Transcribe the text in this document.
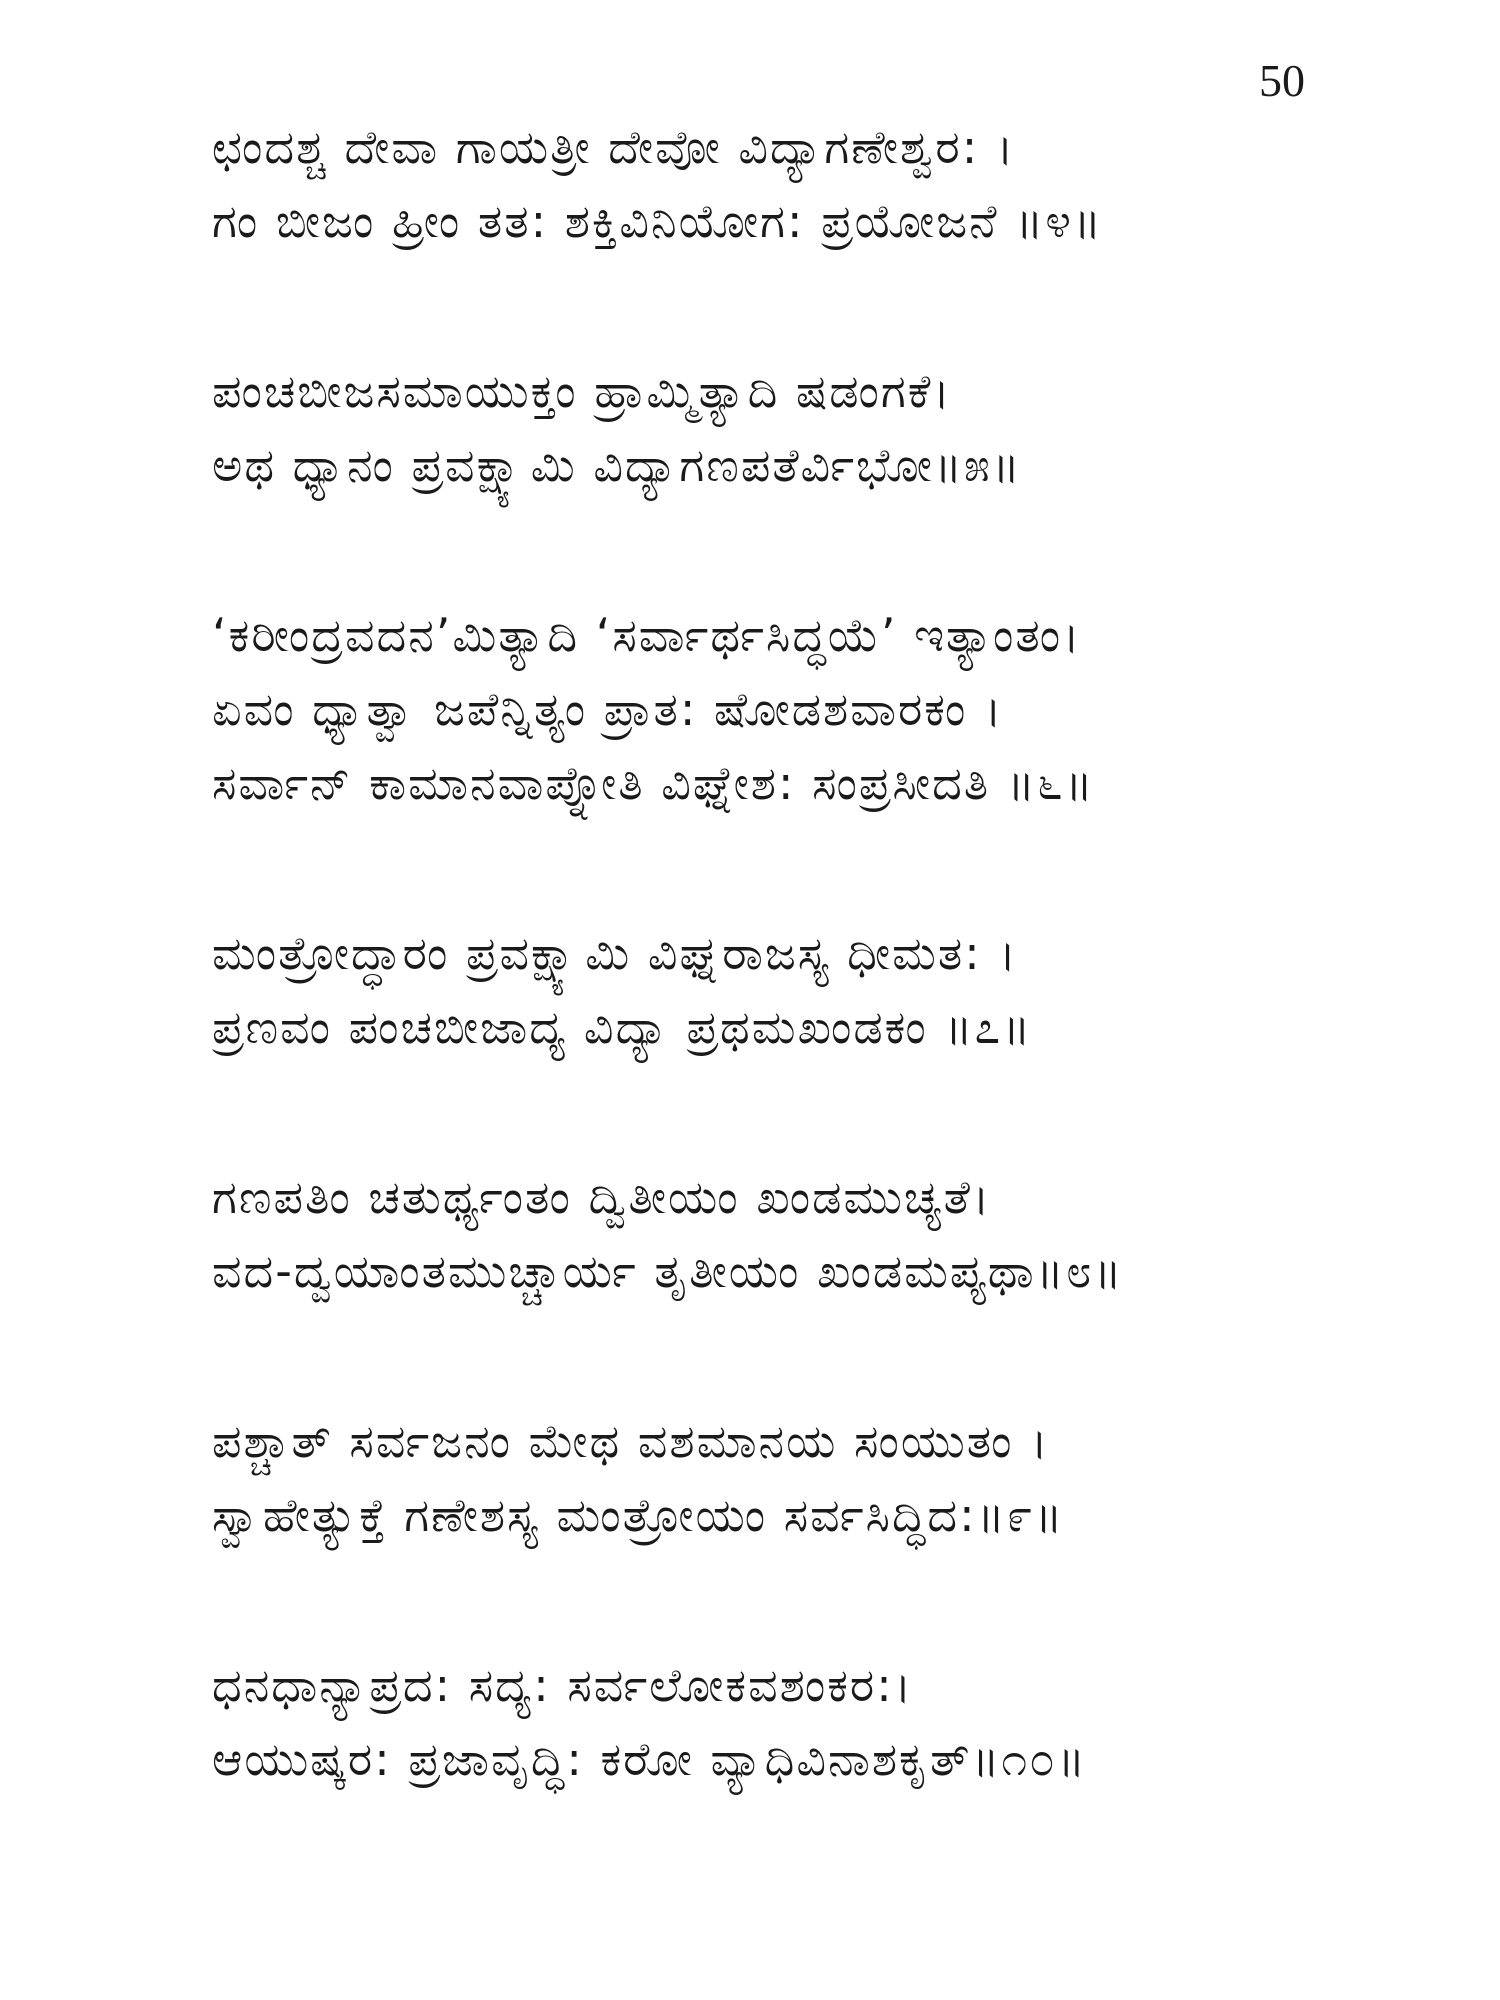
50
ಛಂದಶ್ಚ ದೇವಾ ಗಾಯತ್ರೀ ದೇವೋ ವಿದ್ಯಾಗಣೇಶ್ವರ: ।
ಗಂ ಬೀಜಂ ಹ್ರೀಂ ತತ: ಶಕ್ತಿವಿನಿಯೋಗ: ಪ್ರಯೋಜನೆ ॥೪॥
ಪಂಚಬೀಜಸಮಾಯುಕ್ತಂ ಹ್ರಾಮ್ಮಿತ್ಯಾದಿ ಷಡಂಗಕೆ।
ಅಥ ಧ್ಯಾನಂ ಪ್ರವಕ್ಷ್ಯಾಮಿ ವಿದ್ಯಾಗಣಪತೆರ್ವಿಭೋ॥೫॥
‘ಕರೀಂದ್ರವದನ’ಮಿತ್ಯಾದಿ ‘ಸರ್ವಾರ್ಥಸಿದ್ಧಯೆ’ ಇತ್ಯಾಂತಂ।
ಏವಂ ಧ್ಯಾತ್ವಾ ಜಪೆನ್ನಿತ್ಯಂ ಪ್ರಾತ: ಷೋಡಶವಾರಕಂ ।
ಸರ್ವಾನ್ ಕಾಮಾನವಾಪ್ನೋತಿ ವಿಘ್ನೇಶ: ಸಂಪ್ರಸೀದತಿ ॥೬॥
ಮಂತ್ರೋದ್ಧಾರಂ ಪ್ರವಕ್ಷ್ಯಾಮಿ ವಿಘ್ನರಾಜಸ್ಯ ಧೀಮತ: ।
ಪ್ರಣವಂ ಪಂಚಬೀಜಾದ್ಯ ವಿದ್ಯಾ ಪ್ರಥಮಖಂಡಕಂ ॥೭॥
ಗಣಪತಿಂ ಚತುರ್ಥ್ಯಂತಂ ದ್ವಿತೀಯಂ ಖಂಡಮುಚ್ಯತೆ।
ವದ-ದ್ವಯಾಂತಮುಚ್ಚಾರ್ಯ ತೃತೀಯಂ ಖಂಡಮಪ್ಯಥಾ॥೮॥
ಪಶ್ಚಾತ್ ಸರ್ವಜನಂ ಮೇಥ ವಶಮಾನಯ ಸಂಯುತಂ ।
ಸ್ವಾಹೇತ್ಯುಕ್ತೆ ಗಣೇಶಸ್ಯ ಮಂತ್ರೋಯಂ ಸರ್ವಸಿದ್ಧಿದ:॥೯॥
ಧನಧಾನ್ಯಾಪ್ರದ: ಸದ್ಯ: ಸರ್ವಲೋಕವಶಂಕರ:।
ಆಯುಷ್ಕರ: ಪ್ರಜಾವೃದ್ಧಿ: ಕರೋ ವ್ಯಾಧಿವಿನಾಶಕೃತ್॥೧೦॥
